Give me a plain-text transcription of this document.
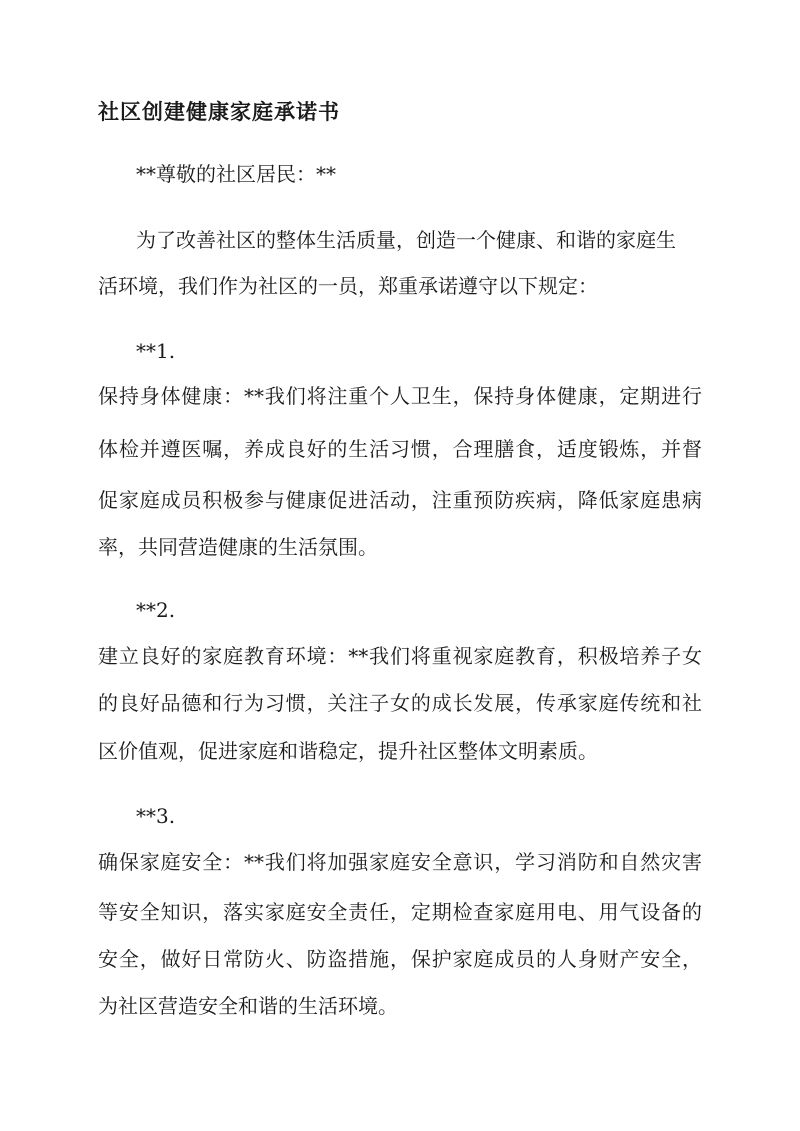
社区创建健康家庭承诺书

**尊敬的社区居民：**

为了改善社区的整体生活质量，创造一个健康、和谐的家庭生

活环境，我们作为社区的一员，郑重承诺遵守以下规定：

**1.

保持身体健康：**我们将注重个人卫生，保持身体健康，定期进行

体检并遵医嘱，养成良好的生活习惯，合理膳食，适度锻炼，并督

促家庭成员积极参与健康促进活动，注重预防疾病，降低家庭患病

率，共同营造健康的生活氛围。

**2.

建立良好的家庭教育环境：**我们将重视家庭教育，积极培养子女

的良好品德和行为习惯，关注子女的成长发展，传承家庭传统和社

区价值观，促进家庭和谐稳定，提升社区整体文明素质。

**3.

确保家庭安全：**我们将加强家庭安全意识，学习消防和自然灾害

等安全知识，落实家庭安全责任，定期检查家庭用电、用气设备的

安全，做好日常防火、防盗措施，保护家庭成员的人身财产安全，

为社区营造安全和谐的生活环境。
